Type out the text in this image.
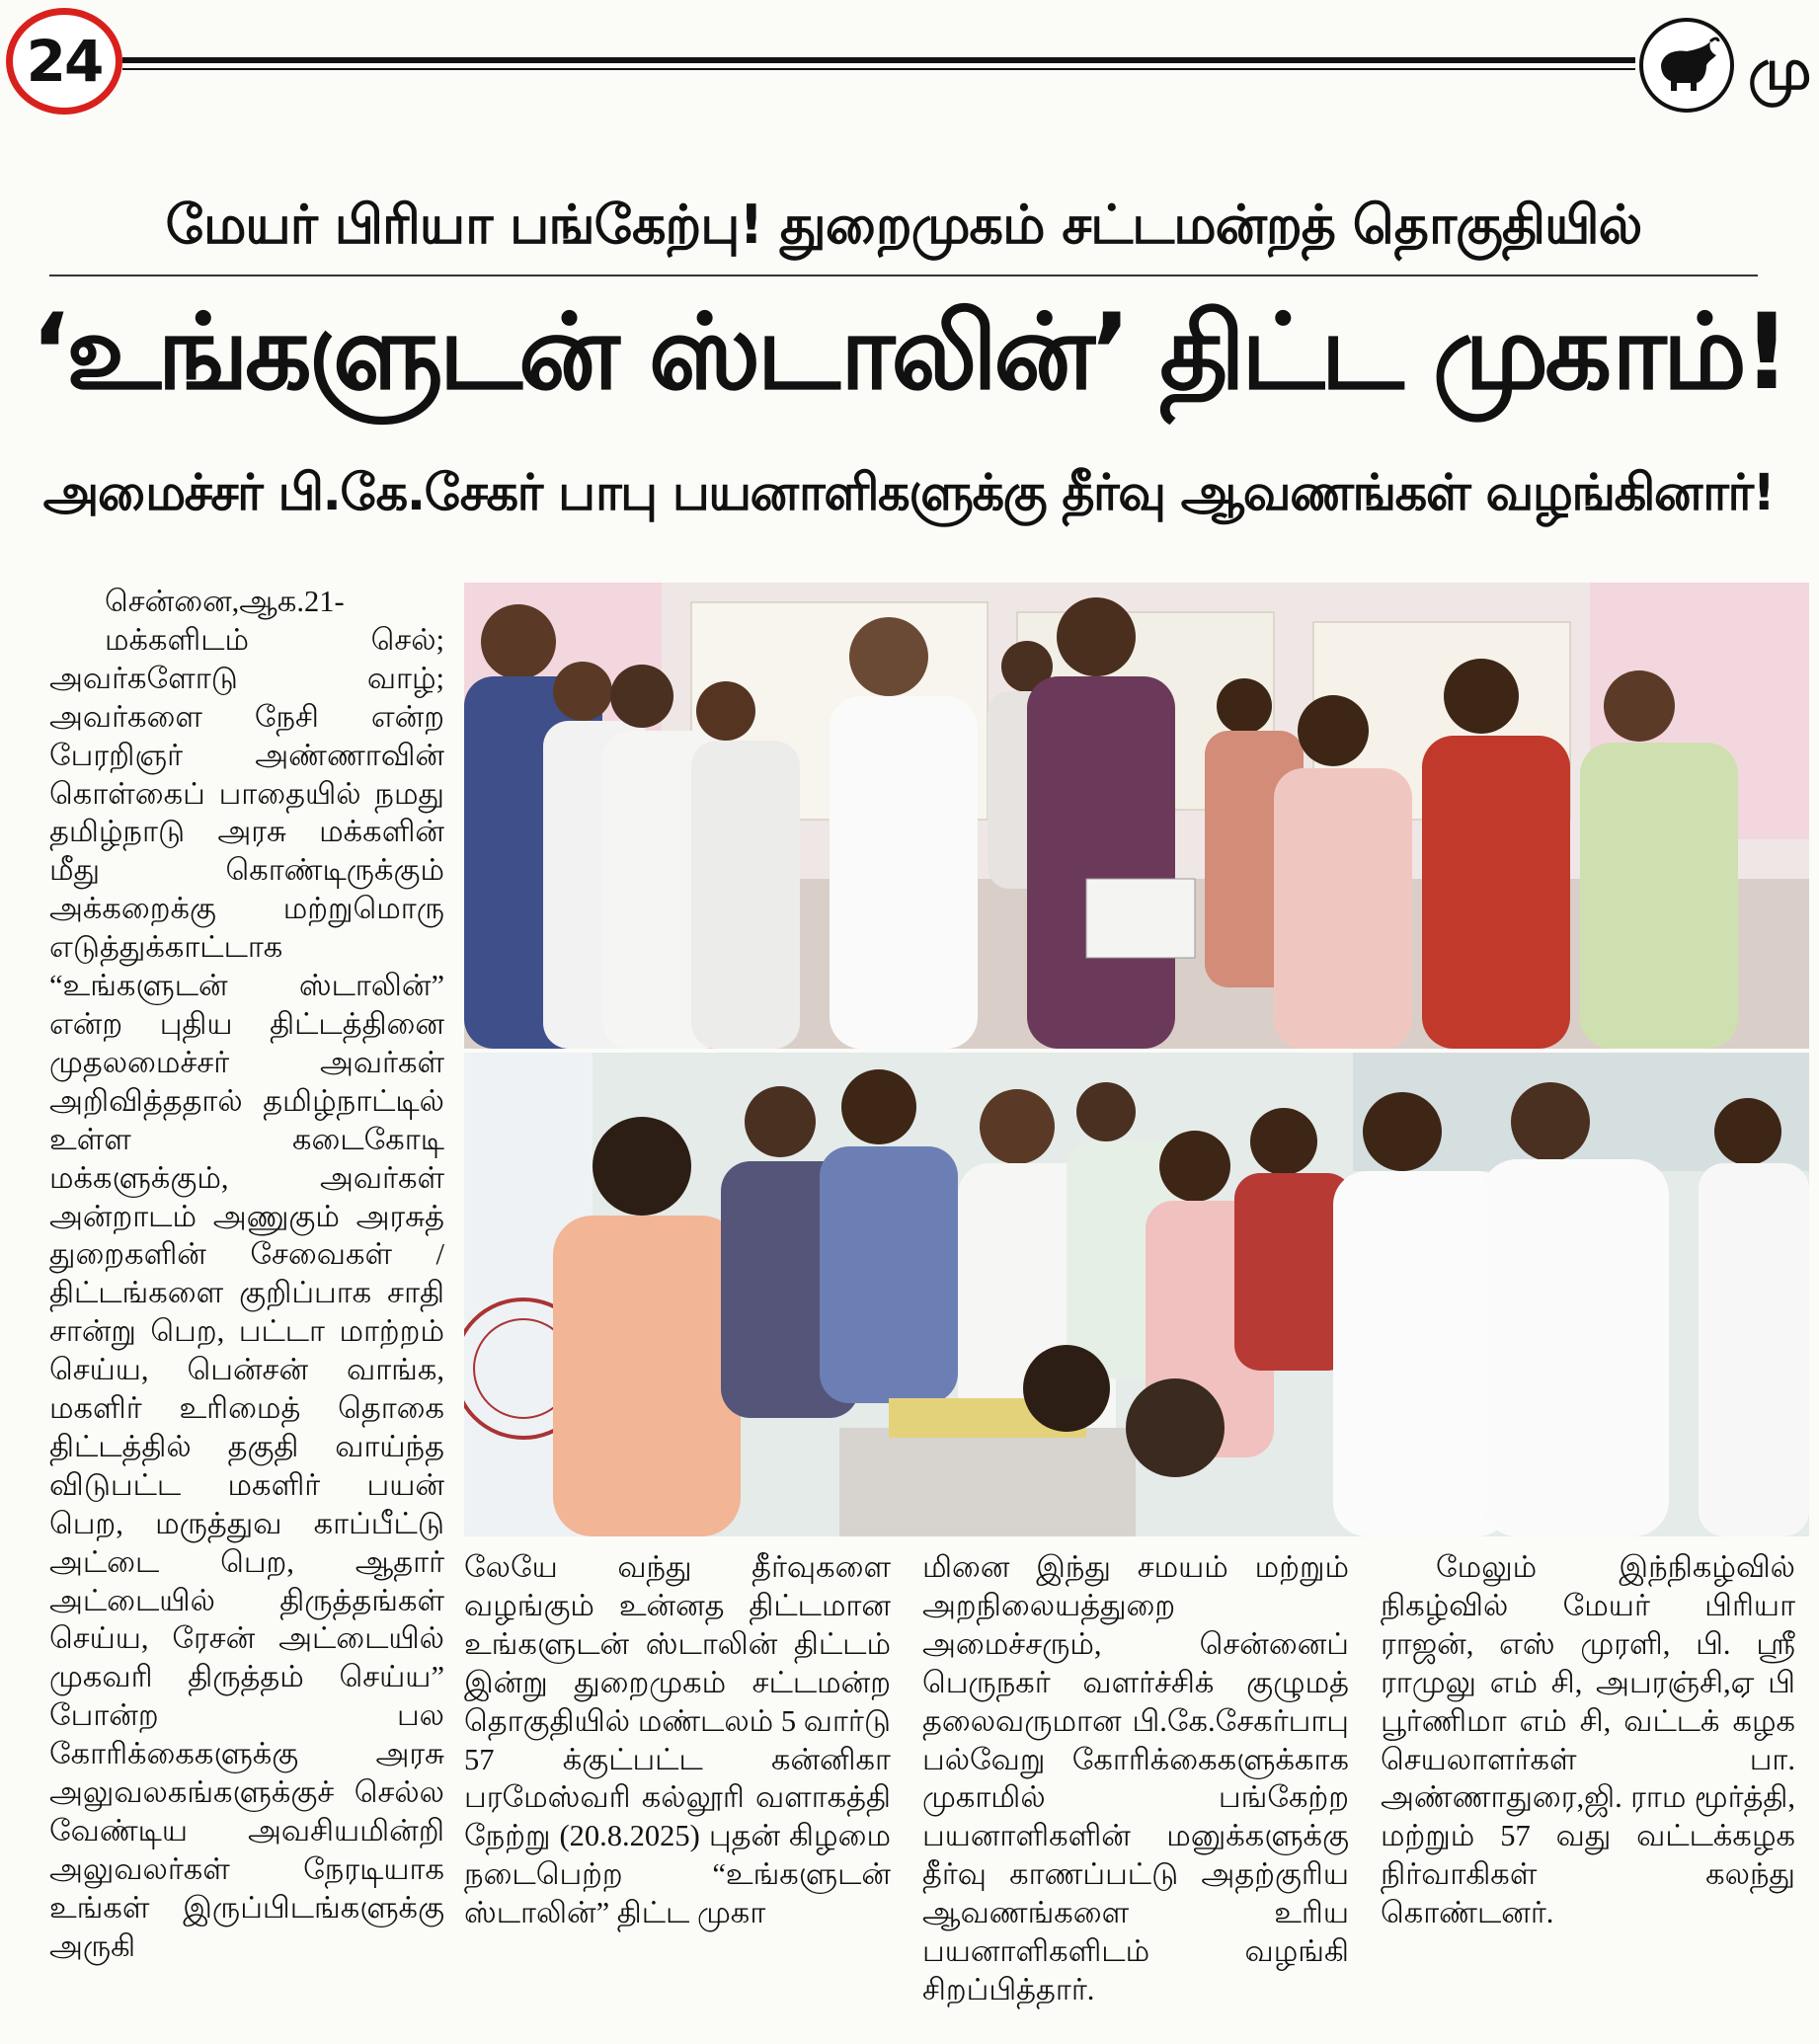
24	மு
மேயர் பிரியா பங்கேற்பு! துறைமுகம் சட்டமன்றத் தொகுதியில்
‘உங்களுடன் ஸ்டாலின்’ திட்ட முகாம்!
அமைச்சர் பி.கே.சேகர் பாபு பயனாளிகளுக்கு தீர்வு ஆவணங்கள் வழங்கினார்!

சென்னை,ஆக.21-

மக்களிடம் செல்; அவர்களோடு வாழ்; அவர்களை நேசி என்ற பேரறிஞர் அண்ணாவின் கொள்கைப் பாதையில் நமது தமிழ்நாடு அரசு மக்களின் மீது கொண்டிருக்கும் அக்கறைக்கு மற்றுமொரு எடுத்துக்காட்டாக “உங்களுடன் ஸ்டாலின்” என்ற புதிய திட்டத்தினை முதலமைச்சர் அவர்கள் அறிவித்ததால் தமிழ்நாட்டில் உள்ள கடைகோடி மக்களுக்கும், அவர்கள் அன்றாடம் அணுகும் அரசுத் துறைகளின் சேவைகள் /திட்டங்களை குறிப்பாக சாதி சான்று பெற, பட்டா மாற்றம் செய்ய, பென்சன் வாங்க, மகளிர் உரிமைத் தொகை திட்டத்தில் தகுதி வாய்ந்த விடுபட்ட மகளிர் பயன் பெற, மருத்துவ காப்பீட்டு அட்டை பெற, ஆதார் அட்டையில் திருத்தங்கள் செய்ய, ரேசன் அட்டையில் முகவரி திருத்தம் செய்ய” போன்ற பல கோரிக்கைகளுக்கு அரசு அலுவலகங்களுக்குச் செல்ல வேண்டிய அவசியமின்றி அலுவலர்கள் நேரடியாக உங்கள் இருப்பிடங்களுக்கு அருகி

லேயே வந்து தீர்வுகளை வழங்கும் உன்னத திட்டமான உங்களுடன் ஸ்டாலின் திட்டம் இன்று துறைமுகம் சட்டமன்ற தொகுதியில் மண்டலம் 5 வார்டு 57 க்குட்பட்ட கன்னிகா பரமேஸ்வரி கல்லூரி வளாகத்தி நேற்று (20.8.2025) புதன் கிழமை நடைபெற்ற “உங்களுடன் ஸ்டாலின்” திட்ட முகா

மினை இந்து சமயம் மற்றும் அறநிலையத்துறை அமைச்சரும், சென்னைப் பெருநகர் வளர்ச்சிக் குழுமத் தலைவருமான பி.கே.சேகர்பாபு பல்வேறு கோரிக்கைகளுக்காக முகாமில் பங்கேற்ற பயனாளிகளின் மனுக்களுக்கு தீர்வு காணப்பட்டு அதற்குரிய ஆவணங்களை உரிய பயனாளிகளிடம் வழங்கி சிறப்பித்தார்.

மேலும் இந்நிகழ்வில் நிகழ்வில் மேயர் பிரியா ராஜன், எஸ் முரளி, பி. ஸ்ரீ ராமுலு எம் சி, அபரஞ்சி,ஏ பி பூர்ணிமா எம் சி, வட்டக் கழக செயலாளர்கள் பா. அண்ணாதுரை,ஜி. ராம மூர்த்தி, மற்றும் 57 வது வட்டக்கழக நிர்வாகிகள் கலந்து கொண்டனர்.
